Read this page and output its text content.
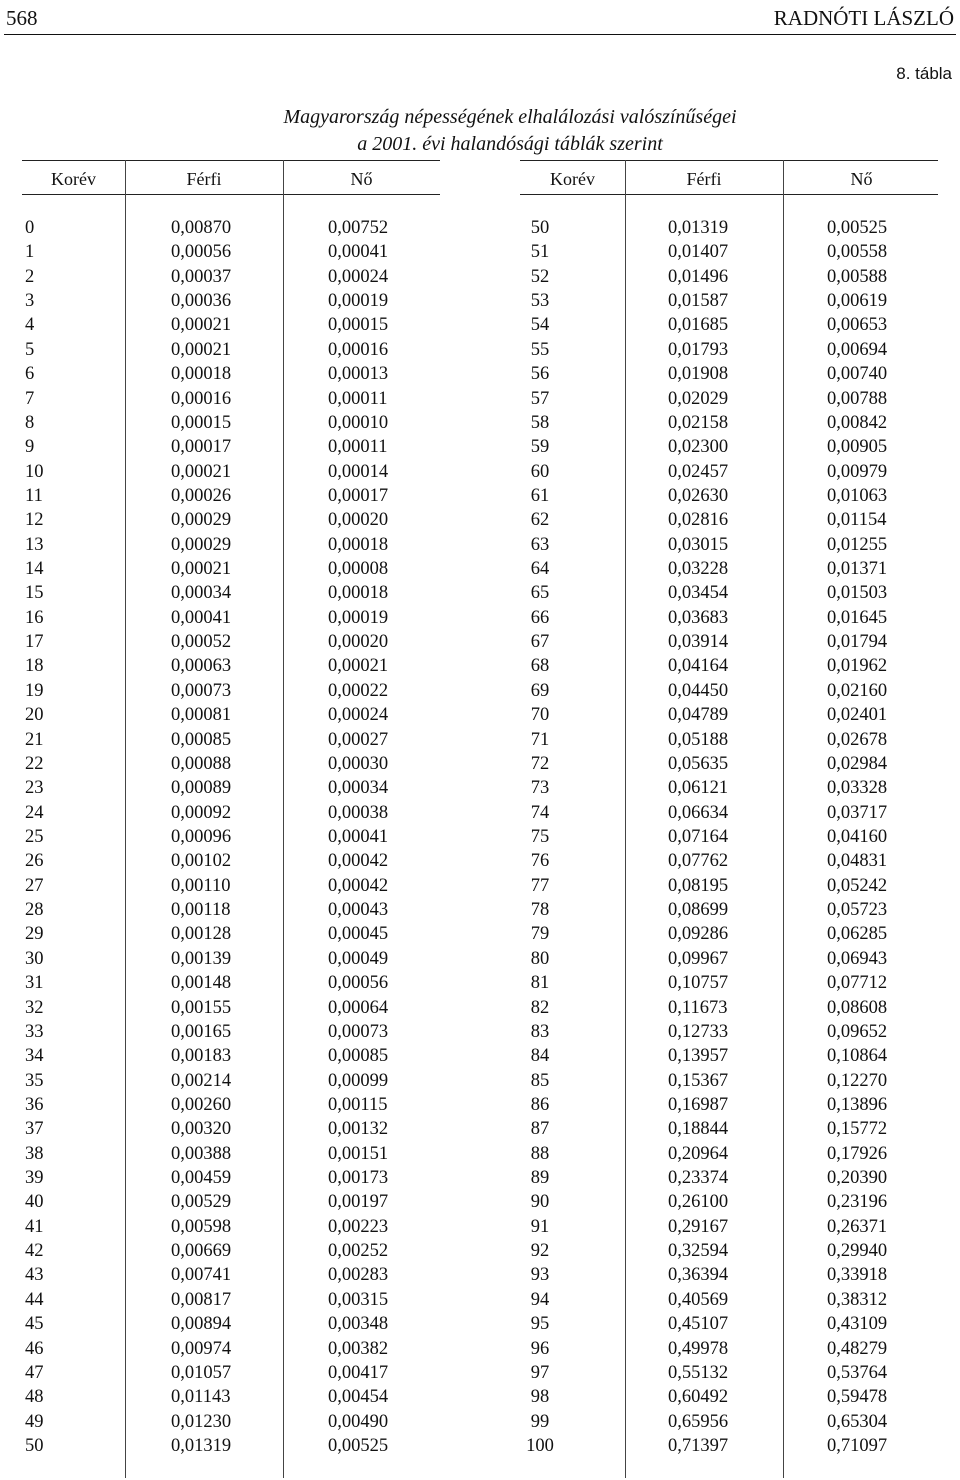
568	RADNÓTI LÁSZLÓ
8. tábla
Magyarország népességének elhalálozási valószínűségei
a 2001. évi halandósági táblák szerint
Korév	Férfi	Nő	Korév	Férfi	Nő
0	0,00870	0,00752	50	0,01319	0,00525
1	0,00056	0,00041	51	0,01407	0,00558
2	0,00037	0,00024	52	0,01496	0,00588
3	0,00036	0,00019	53	0,01587	0,00619
4	0,00021	0,00015	54	0,01685	0,00653
5	0,00021	0,00016	55	0,01793	0,00694
6	0,00018	0,00013	56	0,01908	0,00740
7	0,00016	0,00011	57	0,02029	0,00788
8	0,00015	0,00010	58	0,02158	0,00842
9	0,00017	0,00011	59	0,02300	0,00905
10	0,00021	0,00014	60	0,02457	0,00979
11	0,00026	0,00017	61	0,02630	0,01063
12	0,00029	0,00020	62	0,02816	0,01154
13	0,00029	0,00018	63	0,03015	0,01255
14	0,00021	0,00008	64	0,03228	0,01371
15	0,00034	0,00018	65	0,03454	0,01503
16	0,00041	0,00019	66	0,03683	0,01645
17	0,00052	0,00020	67	0,03914	0,01794
18	0,00063	0,00021	68	0,04164	0,01962
19	0,00073	0,00022	69	0,04450	0,02160
20	0,00081	0,00024	70	0,04789	0,02401
21	0,00085	0,00027	71	0,05188	0,02678
22	0,00088	0,00030	72	0,05635	0,02984
23	0,00089	0,00034	73	0,06121	0,03328
24	0,00092	0,00038	74	0,06634	0,03717
25	0,00096	0,00041	75	0,07164	0,04160
26	0,00102	0,00042	76	0,07762	0,04831
27	0,00110	0,00042	77	0,08195	0,05242
28	0,00118	0,00043	78	0,08699	0,05723
29	0,00128	0,00045	79	0,09286	0,06285
30	0,00139	0,00049	80	0,09967	0,06943
31	0,00148	0,00056	81	0,10757	0,07712
32	0,00155	0,00064	82	0,11673	0,08608
33	0,00165	0,00073	83	0,12733	0,09652
34	0,00183	0,00085	84	0,13957	0,10864
35	0,00214	0,00099	85	0,15367	0,12270
36	0,00260	0,00115	86	0,16987	0,13896
37	0,00320	0,00132	87	0,18844	0,15772
38	0,00388	0,00151	88	0,20964	0,17926
39	0,00459	0,00173	89	0,23374	0,20390
40	0,00529	0,00197	90	0,26100	0,23196
41	0,00598	0,00223	91	0,29167	0,26371
42	0,00669	0,00252	92	0,32594	0,29940
43	0,00741	0,00283	93	0,36394	0,33918
44	0,00817	0,00315	94	0,40569	0,38312
45	0,00894	0,00348	95	0,45107	0,43109
46	0,00974	0,00382	96	0,49978	0,48279
47	0,01057	0,00417	97	0,55132	0,53764
48	0,01143	0,00454	98	0,60492	0,59478
49	0,01230	0,00490	99	0,65956	0,65304
50	0,01319	0,00525	100	0,71397	0,71097
